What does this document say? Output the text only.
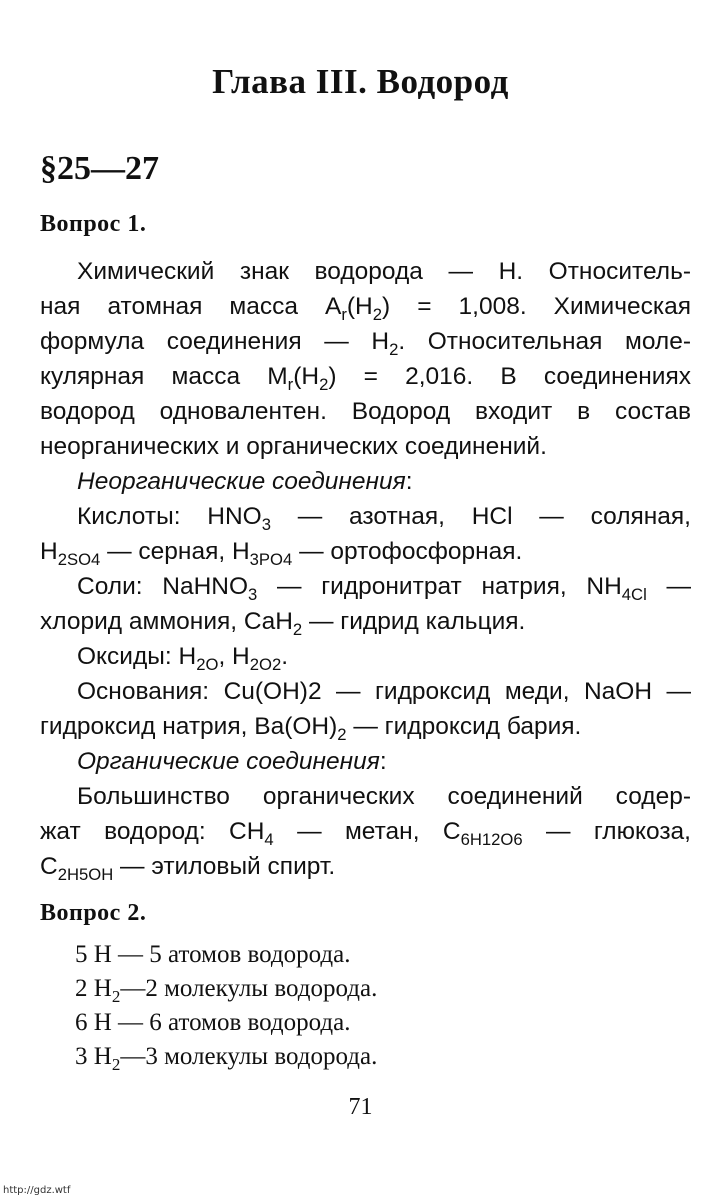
Глава III. Водород
§25—27
Вопрос 1.
Химический знак водорода — H. Относитель-
ная атомная масса $A_r(H_2) = 1,008$. Химическая
формула соединения — $H_2$. Относительная моле-
кулярная масса $M_r(H_2) = 2,016$. В соединениях
водород одновалентен. Водород входит в состав
неорганических и органических соединений.
Неорганические соединения:
Кислоты: $HNO_3$ — азотная, HCl — соляная,
$H_{2SO4}$ — серная, $H_{3PO4}$ — ортофосфорная.
Соли: NaHNO$_3$ — гидронитрат натрия, $NH_{4Cl}$ —
хлорид аммония, CaH$_2$ — гидрид кальция.
Оксиды: $H_{2O}$, $H_{2O2}$.
Основания: Cu(OH)2 — гидроксид меди, NaOH —
гидроксид натрия, $Ba(OH)_2$ — гидроксид бария.
Органические соединения:
Большинство органических соединений содер-
жат водород: $CH_4$ — метан, $C_{6H12O6}$ — глюкоза,
$C_{2H5OH}$ — этиловый спирт.
Вопрос 2.
5 H — 5 атомов водорода.
2 $H_2—2$ молекулы водорода.
6 H — 6 атомов водорода.
3 $H_2—3$ молекулы водорода.
71
http://gdz.wtf
